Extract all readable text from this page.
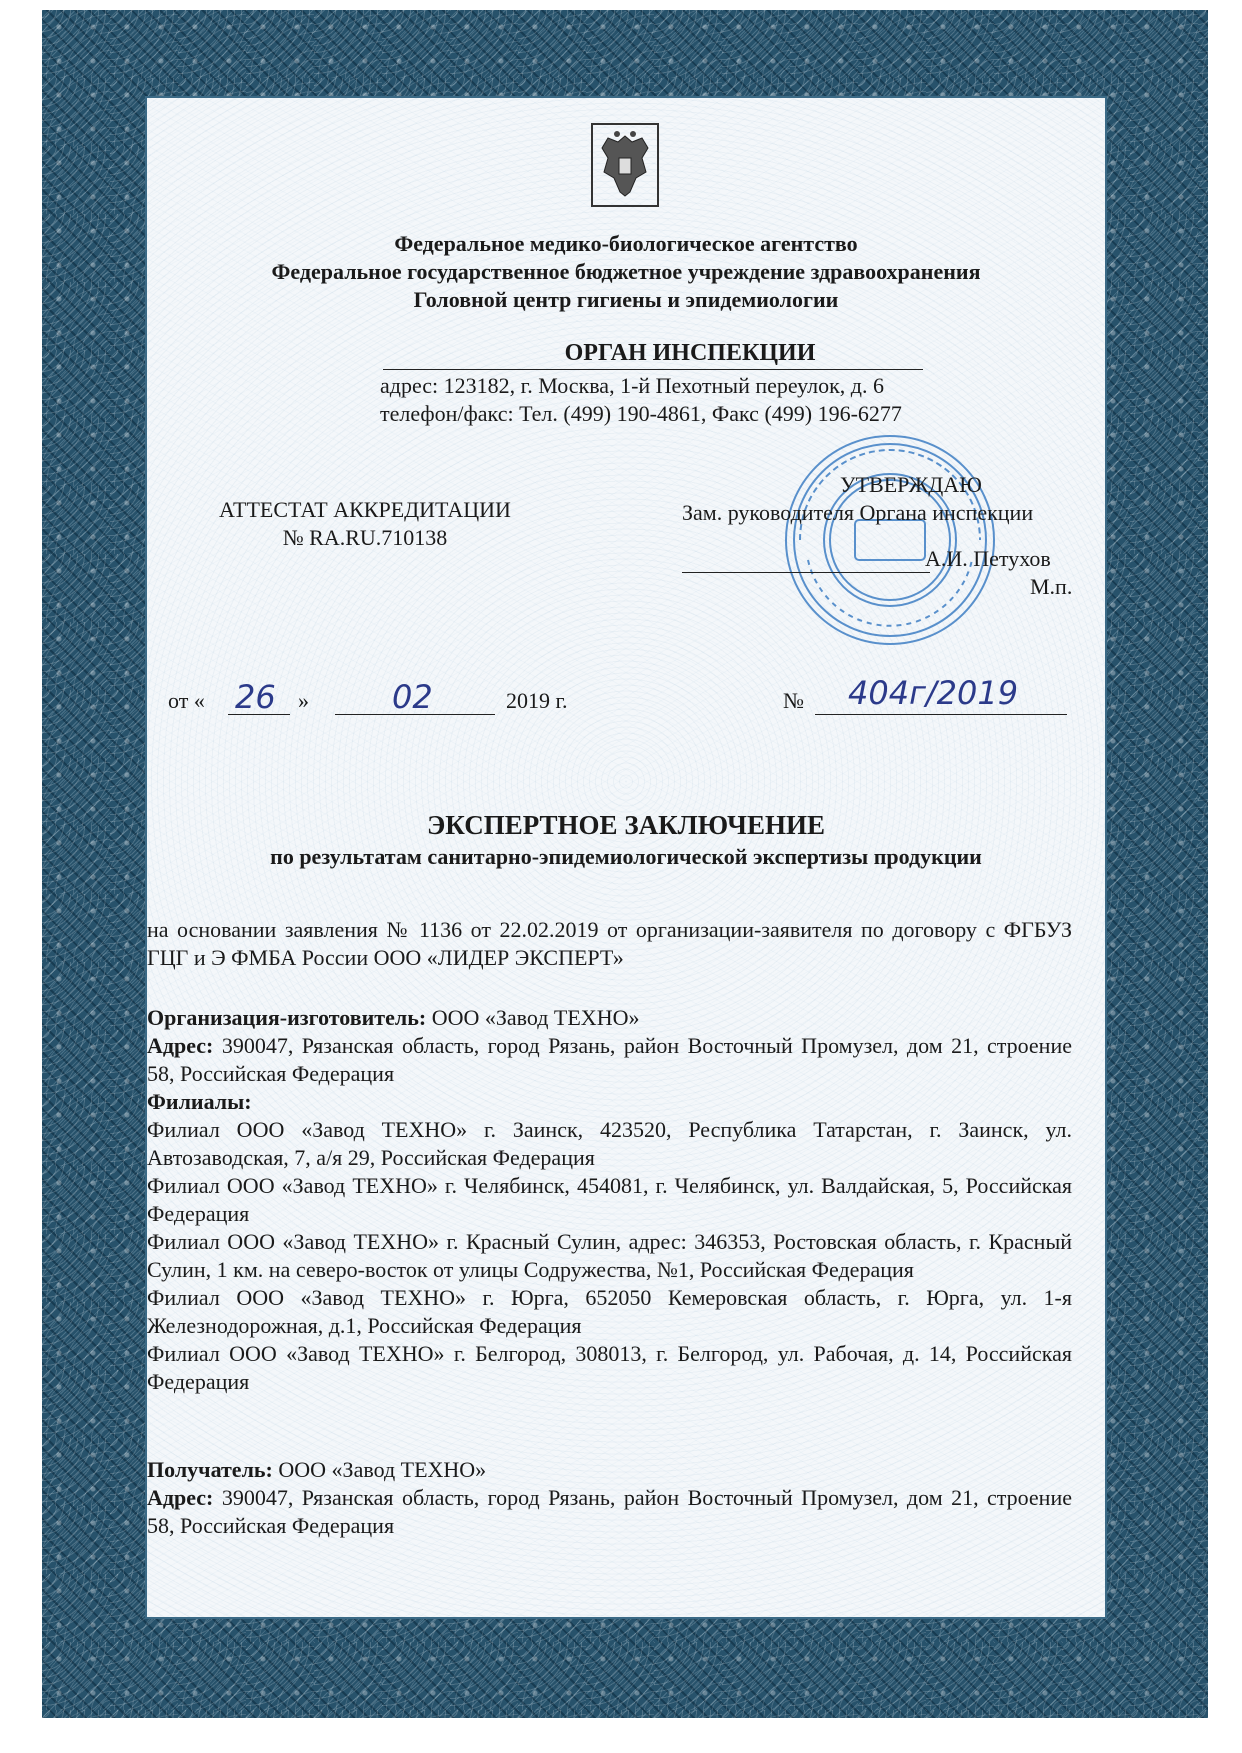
Федеральное медико-биологическое агентство
Федеральное государственное бюджетное учреждение здравоохранения
Головной центр гигиены и эпидемиологии
ОРГАН ИНСПЕКЦИИ
адрес: 123182, г. Москва, 1-й Пехотный переулок, д. 6
телефон/факс: Тел. (499) 190-4861, Факс (499) 196-6277
АТТЕСТАТ АККРЕДИТАЦИИ
№ RA.RU.710138
УТВЕРЖДАЮ
Зам. руководителя Органа инспекции
А.И. Петухов
М.п.
от « 26 »	02	2019 г.	№ 404г/2019
ЭКСПЕРТНОЕ ЗАКЛЮЧЕНИЕ
по результатам санитарно-эпидемиологической экспертизы продукции

на основании заявления № 1136 от 22.02.2019 от организации-заявителя по договору с ФГБУЗ ГЦГ и Э ФМБА России ООО «ЛИДЕР ЭКСПЕРТ»

Организация-изготовитель: ООО «Завод ТЕХНО»

Адрес: 390047, Рязанская область, город Рязань, район Восточный Промузел, дом 21, строение 58, Российская Федерация

Филиалы:

Филиал ООО «Завод ТЕХНО» г. Заинск, 423520, Республика Татарстан, г. Заинск, ул. Автозаводская, 7, а/я 29, Российская Федерация

Филиал ООО «Завод ТЕХНО» г. Челябинск, 454081, г. Челябинск, ул. Валдайская, 5, Российская Федерация

Филиал ООО «Завод ТЕХНО» г. Красный Сулин, адрес: 346353, Ростовская область, г. Красный Сулин, 1 км. на северо-восток от улицы Содружества, №1, Российская Федерация

Филиал ООО «Завод ТЕХНО» г. Юрга, 652050 Кемеровская область, г. Юрга, ул. 1-я Железнодорожная, д.1, Российская Федерация

Филиал ООО «Завод ТЕХНО» г. Белгород, 308013, г. Белгород, ул. Рабочая, д. 14, Российская Федерация

Получатель: ООО «Завод ТЕХНО»

Адрес: 390047, Рязанская область, город Рязань, район Восточный Промузел, дом 21, строение 58, Российская Федерация
